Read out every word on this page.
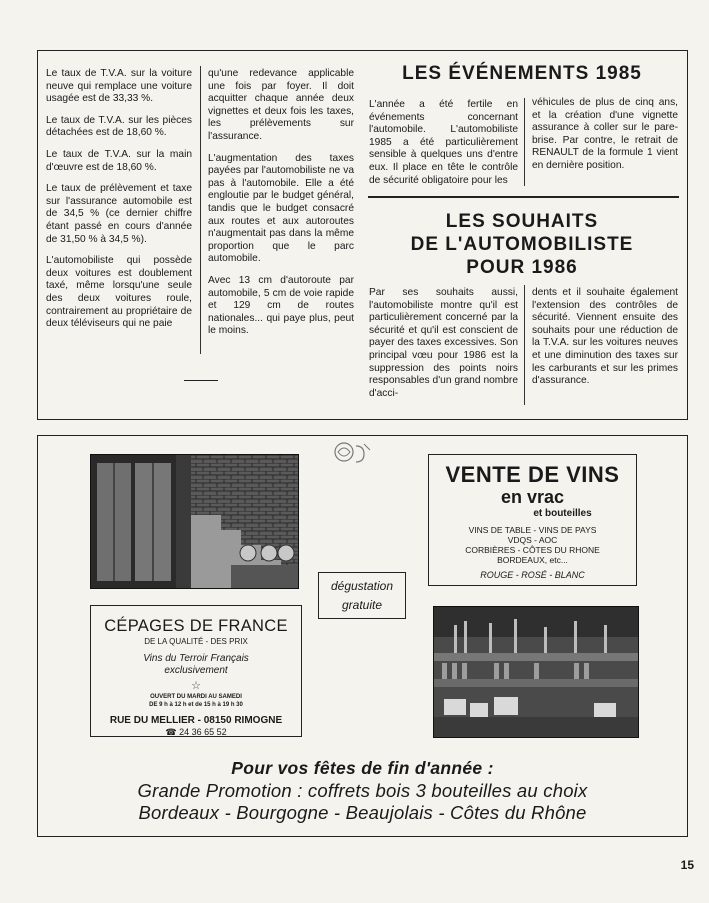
Le taux de T.V.A. sur la voiture neuve qui remplace une voiture usagée est de 33,33 %.

Le taux de T.V.A. sur les pièces détachées est de 18,60 %.

Le taux de T.V.A. sur la main d'œuvre est de 18,60 %.

Le taux de prélèvement et taxe sur l'assurance automobile est de 34,5 % (ce dernier chiffre étant passé en cours d'année de 31,50 % à 34,5 %).

L'automobiliste qui possède deux voitures est doublement taxé, même lorsqu'une seule des deux voitures roule, contrairement au propriétaire de deux téléviseurs qui ne paie

qu'une redevance applicable une fois par foyer. Il doit acquitter chaque année deux vignettes et deux fois les taxes, les prélèvements sur l'assurance.

L'augmentation des taxes payées par l'automobiliste ne va pas à l'automobile. Elle a été engloutie par le budget général, tandis que le budget consacré aux routes et aux autoroutes n'augmentait pas dans la même proportion que le parc automobile.

Avec 13 cm d'autoroute par automobile, 5 cm de voie rapide et 129 cm de routes nationales... qui paye plus, peut le moins.

LES ÉVÉNEMENTS 1985
L'année a été fertile en événements concernant l'automobile. L'automobiliste 1985 a été particulièrement sensible à quelques uns d'entre eux. Il place en tête le contrôle de sécurité obligatoire pour les
véhicules de plus de cinq ans, et la création d'une vignette assurance à coller sur le pare-brise. Par contre, le retrait de RENAULT de la formule 1 vient en dernière position.
LES SOUHAITS
DE L'AUTOMOBILISTE
POUR 1986
Par ses souhaits aussi, l'automobiliste montre qu'il est particulièrement concerné par la sécurité et qu'il est conscient de payer des taxes excessives. Son principal vœu pour 1986 est la suppression des points noirs responsables d'un grand nombre d'acci-
dents et il souhaite également l'extension des contrôles de sécurité. Viennent ensuite des souhaits pour une réduction de la T.V.A. sur les voitures neuves et une diminution des taxes sur les carburants et sur les primes d'assurance.
VENTE DE VINS
en vrac
et bouteilles
VINS DE TABLE - VINS DE PAYS
VDQS - AOC
CORBIÈRES - CÔTES DU RHONE
BORDEAUX, etc...
ROUGE - ROSÉ - BLANC
dégustation
gratuite
CÉPAGES DE FRANCE
DE LA QUALITÉ - DES PRIX
Vins du Terroir Français
exclusivement
☆
OUVERT DU MARDI AU SAMEDI
DE 9 h à 12 h et de 15 h à 19 h 30
RUE DU MELLIER - 08150 RIMOGNE
☎ 24 36 65 52
Pour vos fêtes de fin d'année :
Grande Promotion : coffrets bois 3 bouteilles au choix
Bordeaux - Bourgogne - Beaujolais - Côtes du Rhône
15
